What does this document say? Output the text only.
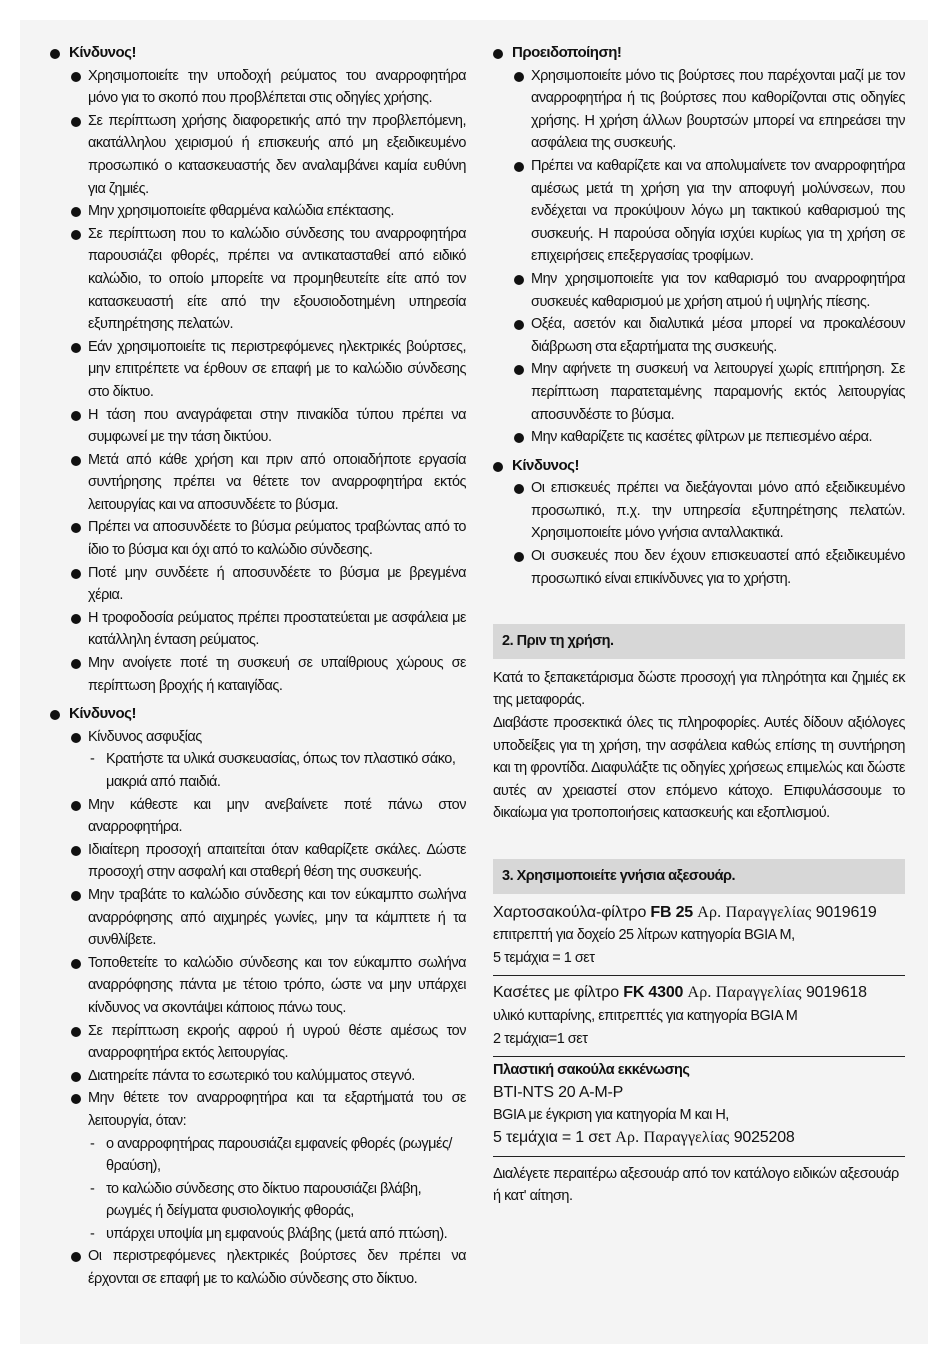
Κίνδυνος!
Χρησιμοποιείτε την υποδοχή ρεύματος του αναρροφητήρα μόνο για το σκοπό που προβλέπεται στις οδηγίες χρήσης.
Σε περίπτωση χρήσης διαφορετικής από την προβλεπόμενη, ακατάλληλου χειρισμού ή επισκευής από μη εξειδικευμένο προσωπικό ο κατασκευαστής δεν αναλαμβάνει καμία ευθύνη για ζημιές.
Μην χρησιμοποιείτε φθαρμένα καλώδια επέκτασης.
Σε περίπτωση που το καλώδιο σύνδεσης του αναρροφητήρα παρουσιάζει φθορές, πρέπει να αντικατασταθεί από ειδικό καλώδιο, το οποίο μπορείτε να προμηθευτείτε είτε από τον κατασκευαστή είτε από την εξουσιοδοτημένη υπηρεσία εξυπηρέτησης πελατών.
Εάν χρησιμοποιείτε τις περιστρεφόμενες ηλεκτρικές βούρτσες, μην επιτρέπετε να έρθουν σε επαφή με το καλώδιο σύνδεσης στο δίκτυο.
Η τάση που αναγράφεται στην πινακίδα τύπου πρέπει να συμφωνεί με την τάση δικτύου.
Μετά από κάθε χρήση και πριν από οποιαδήποτε εργασία συντήρησης πρέπει να θέτετε τον αναρροφητήρα εκτός λειτουργίας και να αποσυνδέετε το βύσμα.
Πρέπει να αποσυνδέετε το βύσμα ρεύματος τραβώντας από το ίδιο το βύσμα και όχι από το καλώδιο σύνδεσης.
Ποτέ μην συνδέετε ή αποσυνδέετε το βύσμα με βρεγμένα χέρια.
Η τροφοδοσία ρεύματος πρέπει προστατεύεται με ασφάλεια με κατάλληλη ένταση ρεύματος.
Μην ανοίγετε ποτέ τη συσκευή σε υπαίθριους χώρους σε περίπτωση βροχής ή καταιγίδας.
Κίνδυνος!
Κίνδυνος ασφυξίας
- Κρατήστε τα υλικά συσκευασίας, όπως τον πλαστικό σάκο, μακριά από παιδιά.
Μην κάθεστε και μην ανεβαίνετε ποτέ πάνω στον αναρροφητήρα.
Ιδιαίτερη προσοχή απαιτείται όταν καθαρίζετε σκάλες. Δώστε προσοχή στην ασφαλή και σταθερή θέση της συσκευής.
Μην τραβάτε το καλώδιο σύνδεσης και τον εύκαμπτο σωλήνα αναρρόφησης από αιχμηρές γωνίες, μην τα κάμπτετε ή τα συνθλίβετε.
Τοποθετείτε το καλώδιο σύνδεσης και τον εύκαμπτο σωλήνα αναρρόφησης πάντα με τέτοιο τρόπο, ώστε να μην υπάρχει κίνδυνος να σκοντάψει κάποιος πάνω τους.
Σε περίπτωση εκροής αφρού ή υγρού θέστε αμέσως τον αναρροφητήρα εκτός λειτουργίας.
Διατηρείτε πάντα το εσωτερικό του καλύμματος στεγνό.
Μην θέτετε τον αναρροφητήρα και τα εξαρτήματά του σε λειτουργία, όταν:
- ο αναρροφητήρας παρουσιάζει εμφανείς φθορές (ρωγμές/θραύση),
- το καλώδιο σύνδεσης στο δίκτυο παρουσιάζει βλάβη, ρωγμές ή δείγματα φυσιολογικής φθοράς,
- υπάρχει υποψία μη εμφανούς βλάβης (μετά από πτώση).
Οι περιστρεφόμενες ηλεκτρικές βούρτσες δεν πρέπει να έρχονται σε επαφή με το καλώδιο σύνδεσης στο δίκτυο.
Προειδοποίηση!
Χρησιμοποιείτε μόνο τις βούρτσες που παρέχονται μαζί με τον αναρροφητήρα ή τις βούρτσες που καθορίζονται στις οδηγίες χρήσης. Η χρήση άλλων βουρτσών μπορεί να επηρεάσει την ασφάλεια της συσκευής.
Πρέπει να καθαρίζετε και να απολυμαίνετε τον αναρροφητήρα αμέσως μετά τη χρήση για την αποφυγή μολύνσεων, που ενδέχεται να προκύψουν λόγω μη τακτικού καθαρισμού της συσκευής. Η παρούσα οδηγία ισχύει κυρίως για τη χρήση σε επιχειρήσεις επεξεργασίας τροφίμων.
Μην χρησιμοποιείτε για τον καθαρισμό του αναρροφητήρα συσκευές καθαρισμού με χρήση ατμού ή υψηλής πίεσης.
Οξέα, ασετόν και διαλυτικά μέσα μπορεί να προκαλέσουν διάβρωση στα εξαρτήματα της συσκευής.
Μην αφήνετε τη συσκευή να λειτουργεί χωρίς επιτήρηση. Σε περίπτωση παρατεταμένης παραμονής εκτός λειτουργίας αποσυνδέστε το βύσμα.
Μην καθαρίζετε τις κασέτες φίλτρων με πεπιεσμένο αέρα.
Κίνδυνος!
Οι επισκευές πρέπει να διεξάγονται μόνο από εξειδικευμένο προσωπικό, π.χ. την υπηρεσία εξυπηρέτησης πελατών. Χρησιμοποιείτε μόνο γνήσια ανταλλακτικά.
Οι συσκευές που δεν έχουν επισκευαστεί από εξειδικευμένο προσωπικό είναι επικίνδυνες για το χρήστη.
2. Πριν τη χρήση.
Κατά το ξεπακετάρισμα δώστε προσοχή για πληρότητα και ζημιές εκ της μεταφοράς.
Διαβάστε προσεκτικά όλες τις πληροφορίες. Αυτές δίδουν αξιόλογες υποδείξεις για τη χρήση, την ασφάλεια καθώς επίσης τη συντήρηση και τη φροντίδα. Διαφυλάξτε τις οδηγίες χρήσεως επιμελώς και δώστε αυτές αν χρειαστεί στον επόμενο κάτοχο. Επιφυλάσσουμε το δικαίωμα για τροποποιήσεις κατασκευής και εξοπλισμού.
3. Χρησιμοποιείτε γνήσια αξεσουάρ.
Χαρτοσακούλα-φίλτρο FB 25 Αρ. Παραγγελίας 9019619
επιτρεπτή για δοχείο 25 λίτρων κατηγορία BGIA M,
5 τεμάχια = 1 σετ
Κασέτες με φίλτρο FK 4300 Αρ. Παραγγελίας 9019618
υλικό κυτταρίνης, επιτρεπτές για κατηγορία BGIA M
2 τεμάχια=1 σετ
Πλαστική σακούλα εκκένωσης
BTI-NTS 20 A-M-P
BGIA με έγκριση για κατηγορία M και H,
5 τεμάχια = 1 σετ Αρ. Παραγγελίας 9025208
Διαλέγετε περαιτέρω αξεσουάρ από τον κατάλογο ειδικών αξεσουάρ ή κατ' αίτηση.
